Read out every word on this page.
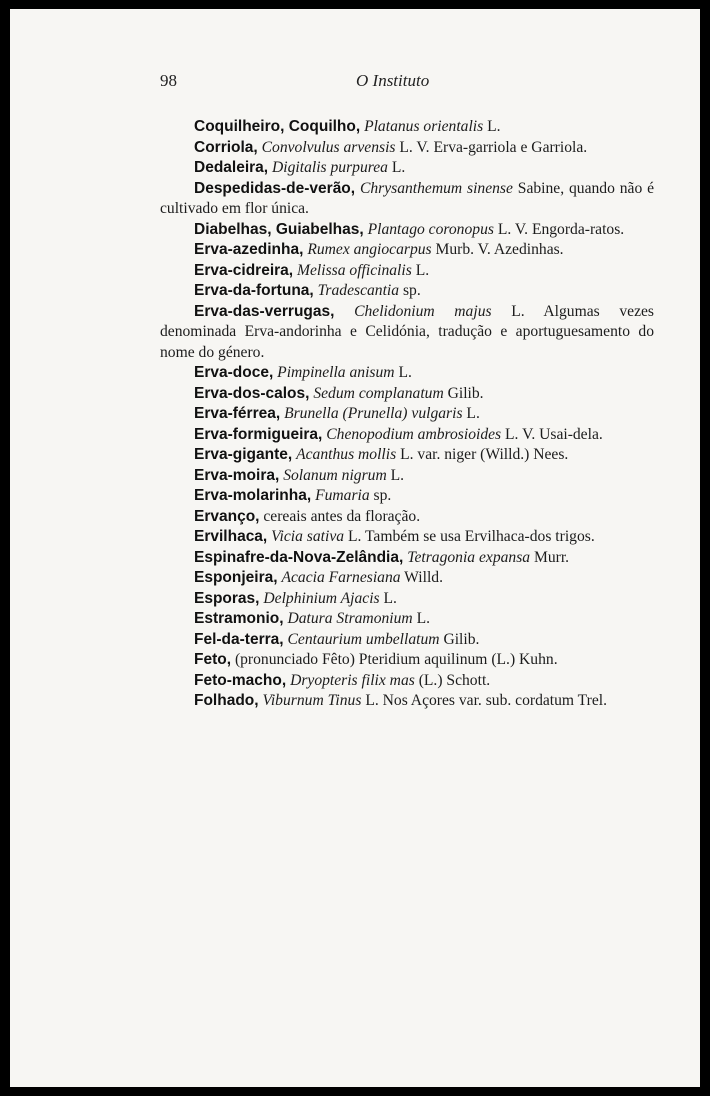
98	O Instituto

Coquilheiro, Coquilho, Platanus orientalis L.

Corriola, Convolvulus arvensis L. V. Erva-garriola e Garriola.

Dedaleira, Digitalis purpurea L.

Despedidas-de-verão, Chrysanthemum sinense Sabine, quando não é cultivado em flor única.

Diabelhas, Guiabelhas, Plantago coronopus L. V. Engorda-ratos.

Erva-azedinha, Rumex angiocarpus Murb. V. Azedinhas.

Erva-cidreira, Melissa officinalis L.

Erva-da-fortuna, Tradescantia sp.

Erva-das-verrugas, Chelidonium majus L. Algumas vezes denominada Erva-andorinha e Celidónia, tradução e aportuguesamento do nome do género.

Erva-doce, Pimpinella anisum L.

Erva-dos-calos, Sedum complanatum Gilib.

Erva-férrea, Brunella (Prunella) vulgaris L.

Erva-formigueira, Chenopodium ambrosioides L. V. Usai-dela.

Erva-gigante, Acanthus mollis L. var. niger (Willd.) Nees.

Erva-moira, Solanum nigrum L.

Erva-molarinha, Fumaria sp.

Ervanço, cereais antes da floração.

Ervilhaca, Vicia sativa L. Também se usa Ervilhaca-dos trigos.

Espinafre-da-Nova-Zelândia, Tetragonia expansa Murr.

Esponjeira, Acacia Farnesiana Willd.

Esporas, Delphinium Ajacis L.

Estramonio, Datura Stramonium L.

Fel-da-terra, Centaurium umbellatum Gilib.

Feto, (pronunciado Fêto) Pteridium aquilinum (L.) Kuhn.

Feto-macho, Dryopteris filix mas (L.) Schott.

Folhado, Viburnum Tinus L. Nos Açores var. sub. cordatum Trel.
